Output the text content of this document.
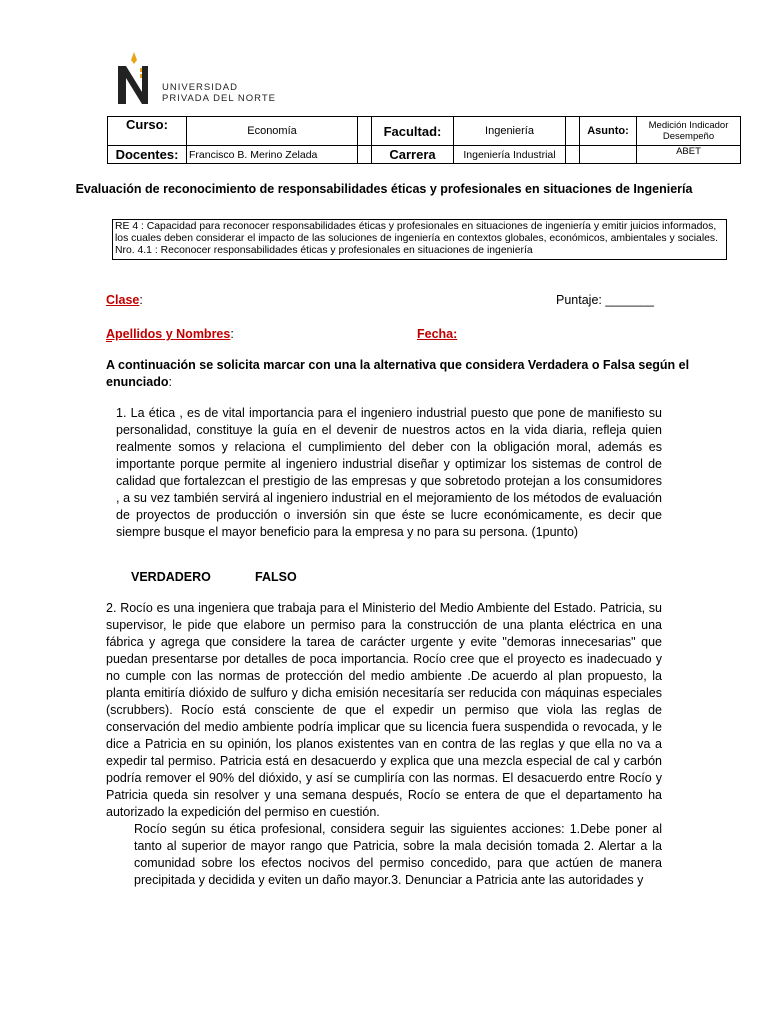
UNIVERSIDAD
PRIVADA DEL NORTE
Curso:	Economía		Facultad:	Ingeniería		Asunto:	Medición Indicador Desempeño
Docentes:	Francisco B. Merino Zelada		Carrera	Ingeniería Industrial			ABET
Evaluación de reconocimiento de responsabilidades éticas y profesionales en situaciones de Ingeniería

RE 4 : Capacidad para reconocer responsabilidades éticas y profesionales en situaciones de ingeniería y emitir juicios informados, los cuales deben considerar el impacto de las soluciones de ingeniería en contextos globales, económicos, ambientales y sociales.

Nro. 4.1 : Reconocer responsabilidades éticas y profesionales en situaciones de ingeniería

Clase:	Puntaje: _______
Apellidos y Nombres:	Fecha:
A continuación se solicita marcar con una la alternativa que considera Verdadera o Falsa según el enunciado:
1. La ética , es de vital importancia para el ingeniero industrial puesto que pone de manifiesto su personalidad, constituye la guía en el devenir de nuestros actos en la vida diaria, refleja quien realmente somos y relaciona el cumplimiento del deber con la obligación moral, además es importante porque permite al ingeniero industrial diseñar y optimizar los sistemas de control de calidad que fortalezcan el prestigio de las empresas y que sobretodo protejan a los consumidores , a su vez también servirá al ingeniero industrial en el mejoramiento de los métodos de evaluación de proyectos de producción o inversión sin que éste se lucre económicamente, es decir que siempre busque el mayor beneficio para la empresa y no para su persona. (1punto)
VERDADERO	FALSO

2. Rocío es una ingeniera que trabaja para el Ministerio del Medio Ambiente del Estado. Patricia, su supervisor, le pide que elabore un permiso para la construcción de una planta eléctrica en una fábrica y agrega que considere la tarea de carácter urgente y evite "demoras innecesarias" que puedan presentarse por detalles de poca importancia. Rocío cree que el proyecto es inadecuado y no cumple con las normas de protección del medio ambiente .De acuerdo al plan propuesto, la planta emitiría dióxido de sulfuro y dicha emisión necesitaría ser reducida con máquinas especiales (scrubbers). Rocío está consciente de que el expedir un permiso que viola las reglas de conservación del medio ambiente podría implicar que su licencia fuera suspendida o revocada, y le dice a Patricia en su opinión, los planos existentes van en contra de las reglas y que ella no va a expedir tal permiso. Patricia está en desacuerdo y explica que una mezcla especial de cal y carbón podría remover el 90% del dióxido, y así se cumpliría con las normas. El desacuerdo entre Rocío y Patricia queda sin resolver y una semana después, Rocío se entera de que el departamento ha autorizado la expedición del permiso en cuestión.

Rocío según su ética profesional, considera seguir las siguientes acciones: 1.Debe poner al tanto al superior de mayor rango que Patricia, sobre la mala decisión tomada 2. Alertar a la comunidad sobre los efectos nocivos del permiso concedido, para que actúen de manera precipitada y decidida y eviten un daño mayor.3. Denunciar a Patricia ante las autoridades y
